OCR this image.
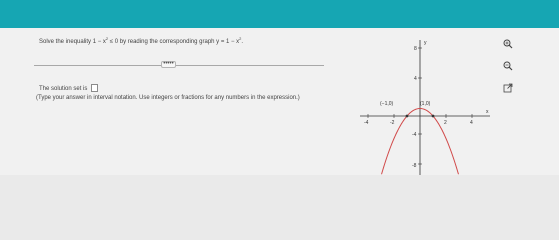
Solve the inequality $1 - x^2 \le 0$ by reading the corresponding graph $y = 1 - x^2$.
•••••
The solution set is
(Type your answer in interval notation. Use integers or fractions for any numbers in the expression.)
y
x
8
4
-4
-8
-4	-2	2	4
(−1,0)	(1,0)
